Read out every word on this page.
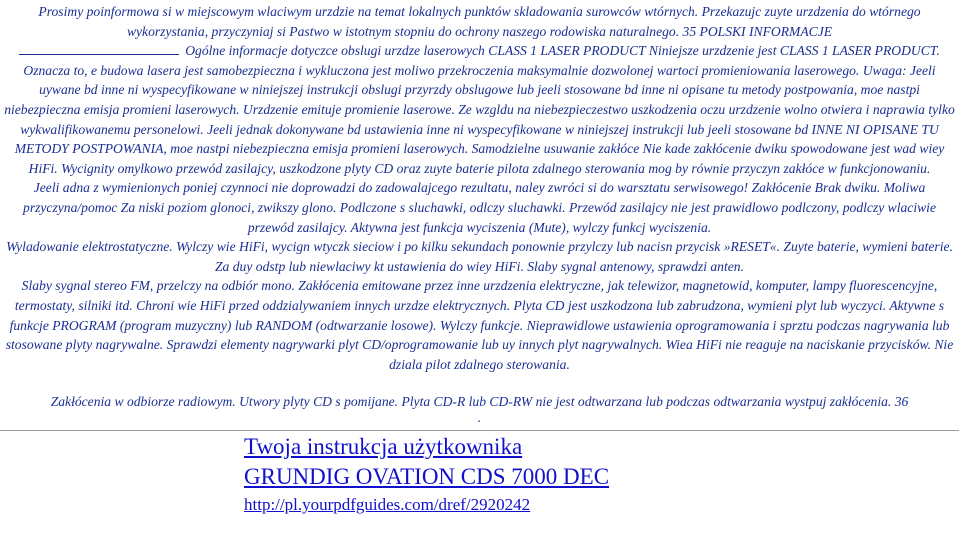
Prosimy poinformowa si w miejscowym wlaciwym urzdzie na temat lokalnych punktów skladowania surowców wtórnych. Przekazujc zuyte urzdzenia do wtórnego wykorzystania, przyczyniaj si Pastwo w istotnym stopniu do ochrony naszego rodowiska naturalnego. 35 POLSKI INFORMACJE

Ogólne informacje dotyczce obslugi urzdze laserowych CLASS 1 LASER PRODUCT Niniejsze urzdzenie jest CLASS 1 LASER PRODUCT. Oznacza to, e budowa lasera jest samobezpieczna i wykluczona jest moliwo przekroczenia maksymalnie dozwolonej wartoci promieniowania laserowego. Uwaga: Jeeli uywane bd inne ni wyspecyfikowane w niniejszej instrukcji obslugi przyrzdy obslugowe lub jeeli stosowane bd inne ni opisane tu metody postpowania, moe nastpi niebezpieczna emisja promieni laserowych. Urzdzenie emituje promienie laserowe. Ze wzgldu na niebezpieczestwo uszkodzenia oczu urzdzenie wolno otwiera i naprawia tylko wykwalifikowanemu personelowi. Jeeli jednak dokonywane bd ustawienia inne ni wyspecyfikowane w niniejszej instrukcji lub jeeli stosowane bd INNE NI OPISANE TU METODY POSTPOWANIA, moe nastpi niebezpieczna emisja promieni laserowych. Samodzielne usuwanie zakłóce Nie kade zakłócenie dwiku spowodowane jest wad wiey HiFi. Wycignity omylkowo przewód zasilajcy, uszkodzone plyty CD oraz zuyte baterie pilota zdalnego sterowania mog by równie przyczyn zakłóce w funkcjonowaniu.

Jeeli adna z wymienionych poniej czynnoci nie doprowadzi do zadowalajcego rezultatu, naley zwróci si do warsztatu serwisowego! Zakłócenie Brak dwiku. Moliwa przyczyna/pomoc Za niski poziom glonoci, zwikszy glono. Podlczone s sluchawki, odlczy sluchawki. Przewód zasilajcy nie jest prawidlowo podlczony, podlczy wlaciwie przewód zasilajcy. Aktywna jest funkcja wyciszenia (Mute), wylczy funkcj wyciszenia.

Wyladowanie elektrostatyczne. Wylczy wie HiFi, wycign wtyczk sieciow i po kilku sekundach ponownie przylczy lub nacisn przycisk »RESET«. Zuyte baterie, wymieni baterie. Za duy odstp lub niewlaciwy kt ustawienia do wiey HiFi. Slaby sygnal antenowy, sprawdzi anten.

Slaby sygnal stereo FM, przelczy na odbiór mono. Zakłócenia emitowane przez inne urzdzenia elektryczne, jak telewizor, magnetowid, komputer, lampy fluorescencyjne, termostaty, silniki itd. Chroni wie HiFi przed oddzialywaniem innych urzdze elektrycznych. Plyta CD jest uszkodzona lub zabrudzona, wymieni plyt lub wyczyci. Aktywne s funkcje PROGRAM (program muzyczny) lub RANDOM (odtwarzanie losowe). Wylczy funkcje. Nieprawidlowe ustawienia oprogramowania i sprztu podczas nagrywania lub stosowane plyty nagrywalne. Sprawdzi elementy nagrywarki plyt CD/oprogramowanie lub uy innych plyt nagrywalnych. Wiea HiFi nie reaguje na naciskanie przycisków. Nie dziala pilot zdalnego sterowania.

Zakłócenia w odbiorze radiowym. Utwory plyty CD s pomijane. Plyta CD-R lub CD-RW nie jest odtwarzana lub podczas odtwarzania wystpuj zakłócenia. 36

.

Twoja instrukcja użytkownika
GRUNDIG OVATION CDS 7000 DEC
http://pl.yourpdfguides.com/dref/2920242
